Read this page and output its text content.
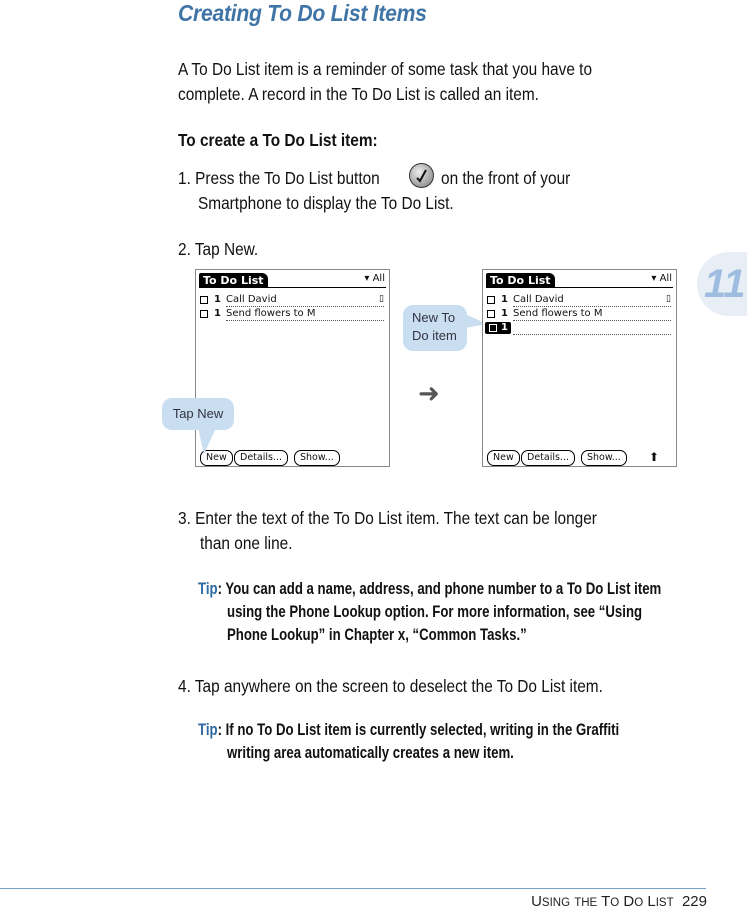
11
Creating To Do List Items
A To Do List item is a reminder of some task that you have to
complete. A record in the To Do List is called an item.
To create a To Do List item:
1. Press the To Do List button	on the front of your
Smartphone to display the To Do List.
2. Tap New.
To Do List	▾ All
1 Call David	▯
1 Send flowers to M
New	Details...	Show...
Tap New
➜
New To
Do item
To Do List	▾ All
1 Call David	▯
1 Send flowers to M
1
New	Details...	Show...	⬆
3. Enter the text of the To Do List item. The text can be longer
than one line.
Tip: You can add a name, address, and phone number to a To Do List item
using the Phone Lookup option. For more information, see “Using
Phone Lookup” in Chapter x, “Common Tasks.”
4. Tap anywhere on the screen to deselect the To Do List item.
Tip: If no To Do List item is currently selected, writing in the Graffiti
writing area automatically creates a new item.
USING THE TO DO LIST 229
